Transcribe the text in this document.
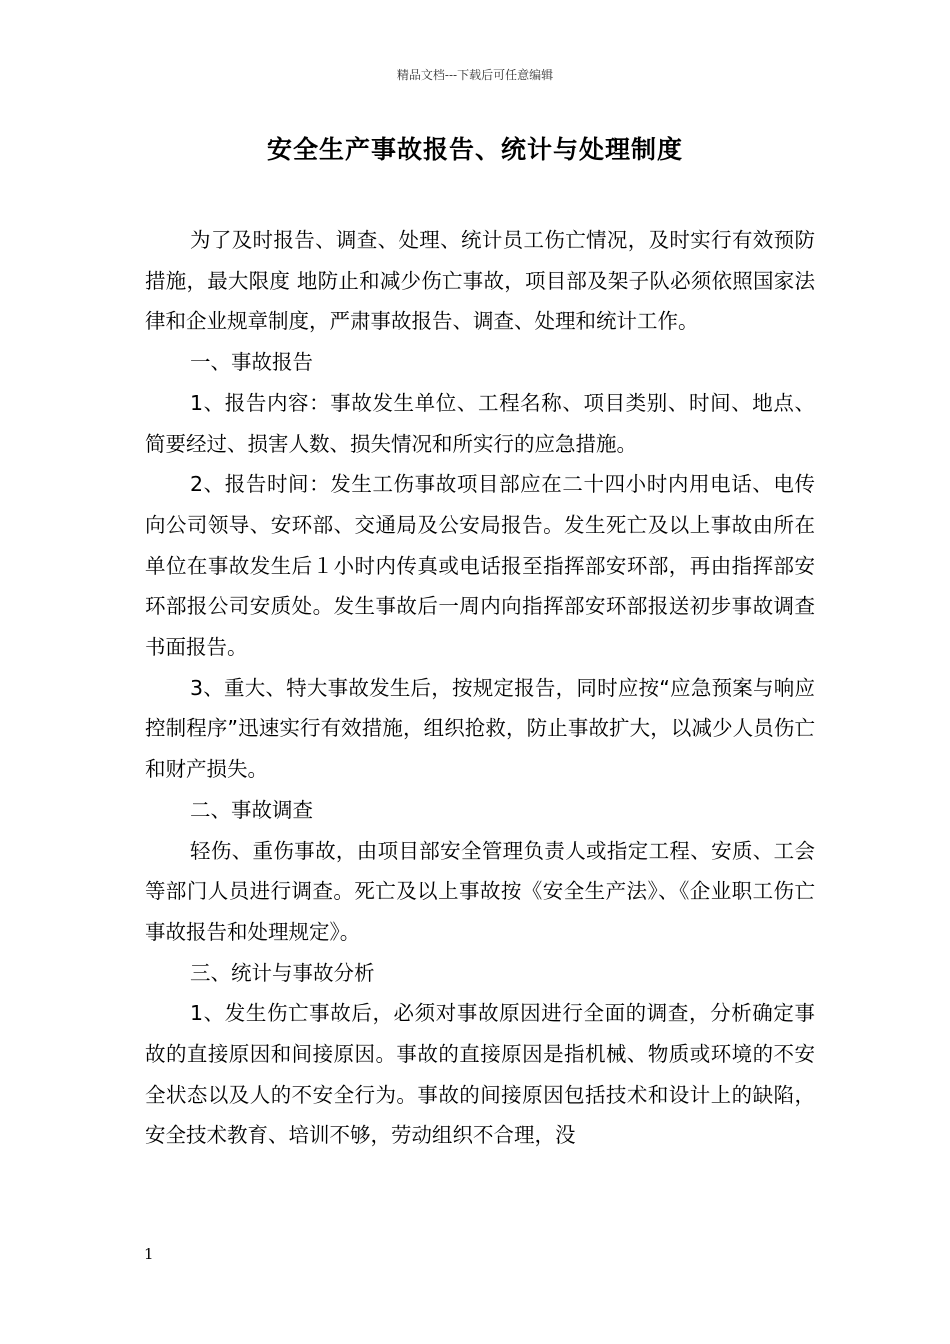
精品文档---下载后可任意编辑
安全生产事故报告、统计与处理制度

为了及时报告、调查、处理、统计员工伤亡情况，及时实行有效预防措施，最大限度 地防止和减少伤亡事故，项目部及架子队必须依照国家法律和企业规章制度，严肃事故报告、调查、处理和统计工作。

一、事故报告

1、报告内容：事故发生单位、工程名称、项目类别、时间、地点、简要经过、损害人数、损失情况和所实行的应急措施。

2、报告时间：发生工伤事故项目部应在二十四小时内用电话、电传向公司领导、安环部、交通局及公安局报告。发生死亡及以上事故由所在单位在事故发生后１小时内传真或电话报至指挥部安环部，再由指挥部安环部报公司安质处。发生事故后一周内向指挥部安环部报送初步事故调查书面报告。

3、重大、特大事故发生后，按规定报告，同时应按“应急预案与响应控制程序”迅速实行有效措施，组织抢救，防止事故扩大，以减少人员伤亡和财产损失。

二、事故调查

轻伤、重伤事故，由项目部安全管理负责人或指定工程、安质、工会等部门人员进行调查。死亡及以上事故按《安全生产法》、《企业职工伤亡事故报告和处理规定》。

三、统计与事故分析

1、发生伤亡事故后，必须对事故原因进行全面的调查，分析确定事故的直接原因和间接原因。事故的直接原因是指机械、物质或环境的不安全状态以及人的不安全行为。事故的间接原因包括技术和设计上的缺陷，安全技术教育、培训不够，劳动组织不合理，没

1
